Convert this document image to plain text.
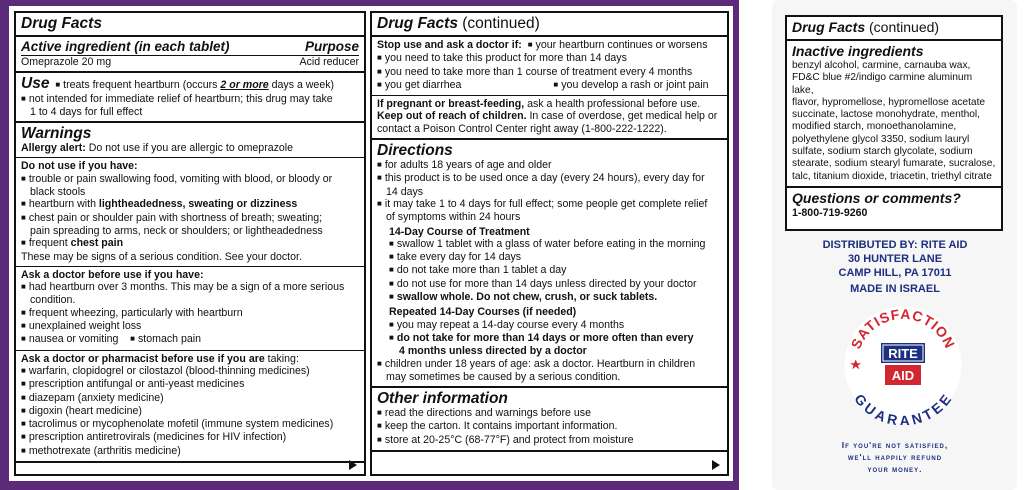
Drug Facts
Active ingredient (in each tablet)	Purpose
Omeprazole 20 mg	Acid reducer
Use ■ treats frequent heartburn (occurs 2 or more days a week)
■ not intended for immediate relief of heartburn; this drug may take
1 to 4 days for full effect
Warnings
Allergy alert: Do not use if you are allergic to omeprazole
Do not use if you have:
■ trouble or pain swallowing food, vomiting with blood, or bloody or
black stools
■ heartburn with lightheadedness, sweating or dizziness
■ chest pain or shoulder pain with shortness of breath; sweating;
pain spreading to arms, neck or shoulders; or lightheadedness
■ frequent chest pain
These may be signs of a serious condition. See your doctor.
Ask a doctor before use if you have:
■ had heartburn over 3 months. This may be a sign of a more serious
condition.
■ frequent wheezing, particularly with heartburn
■ unexplained weight loss
■ nausea or vomiting ■ stomach pain
Ask a doctor or pharmacist before use if you are taking:
■ warfarin, clopidogrel or cilostazol (blood-thinning medicines)
■ prescription antifungal or anti-yeast medicines
■ diazepam (anxiety medicine)
■ digoxin (heart medicine)
■ tacrolimus or mycophenolate mofetil (immune system medicines)
■ prescription antiretrovirals (medicines for HIV infection)
■ methotrexate (arthritis medicine)
Drug Facts (continued)
Stop use and ask a doctor if: ■ your heartburn continues or worsens
■ you need to take this product for more than 14 days
■ you need to take more than 1 course of treatment every 4 months
■ you get diarrhea	■ you develop a rash or joint pain
If pregnant or breast-feeding, ask a health professional before use.
Keep out of reach of children. In case of overdose, get medical help or
contact a Poison Control Center right away (1-800-222-1222).
Directions
■ for adults 18 years of age and older
■ this product is to be used once a day (every 24 hours), every day for
14 days
■ it may take 1 to 4 days for full effect; some people get complete relief
of symptoms within 24 hours
14-Day Course of Treatment
■ swallow 1 tablet with a glass of water before eating in the morning
■ take every day for 14 days
■ do not take more than 1 tablet a day
■ do not use for more than 14 days unless directed by your doctor
■ swallow whole. Do not chew, crush, or suck tablets.
Repeated 14-Day Courses (if needed)
■ you may repeat a 14-day course every 4 months
■ do not take for more than 14 days or more often than every
4 months unless directed by a doctor
■ children under 18 years of age: ask a doctor. Heartburn in children
may sometimes be caused by a serious condition.
Other information
■ read the directions and warnings before use
■ keep the carton. It contains important information.
■ store at 20-25°C (68-77°F) and protect from moisture
Drug Facts (continued)
Inactive ingredients
benzyl alcohol, carmine, carnauba wax,
FD&C blue #2/indigo carmine aluminum lake,
flavor, hypromellose, hypromellose acetate
succinate, lactose monohydrate, menthol,
modified starch, monoethanolamine,
polyethylene glycol 3350, sodium lauryl
sulfate, sodium starch glycolate, sodium
stearate, sodium stearyl fumarate, sucralose,
talc, titanium dioxide, triacetin, triethyl citrate
Questions or comments?
1-800-719-9260
DISTRIBUTED BY: RITE AID
30 HUNTER LANE
CAMP HILL, PA 17011
MADE IN ISRAEL
SATISFACTION
GUARANTEE
RITE
AID
If you're not satisfied,
we'll happily refund
your money.
